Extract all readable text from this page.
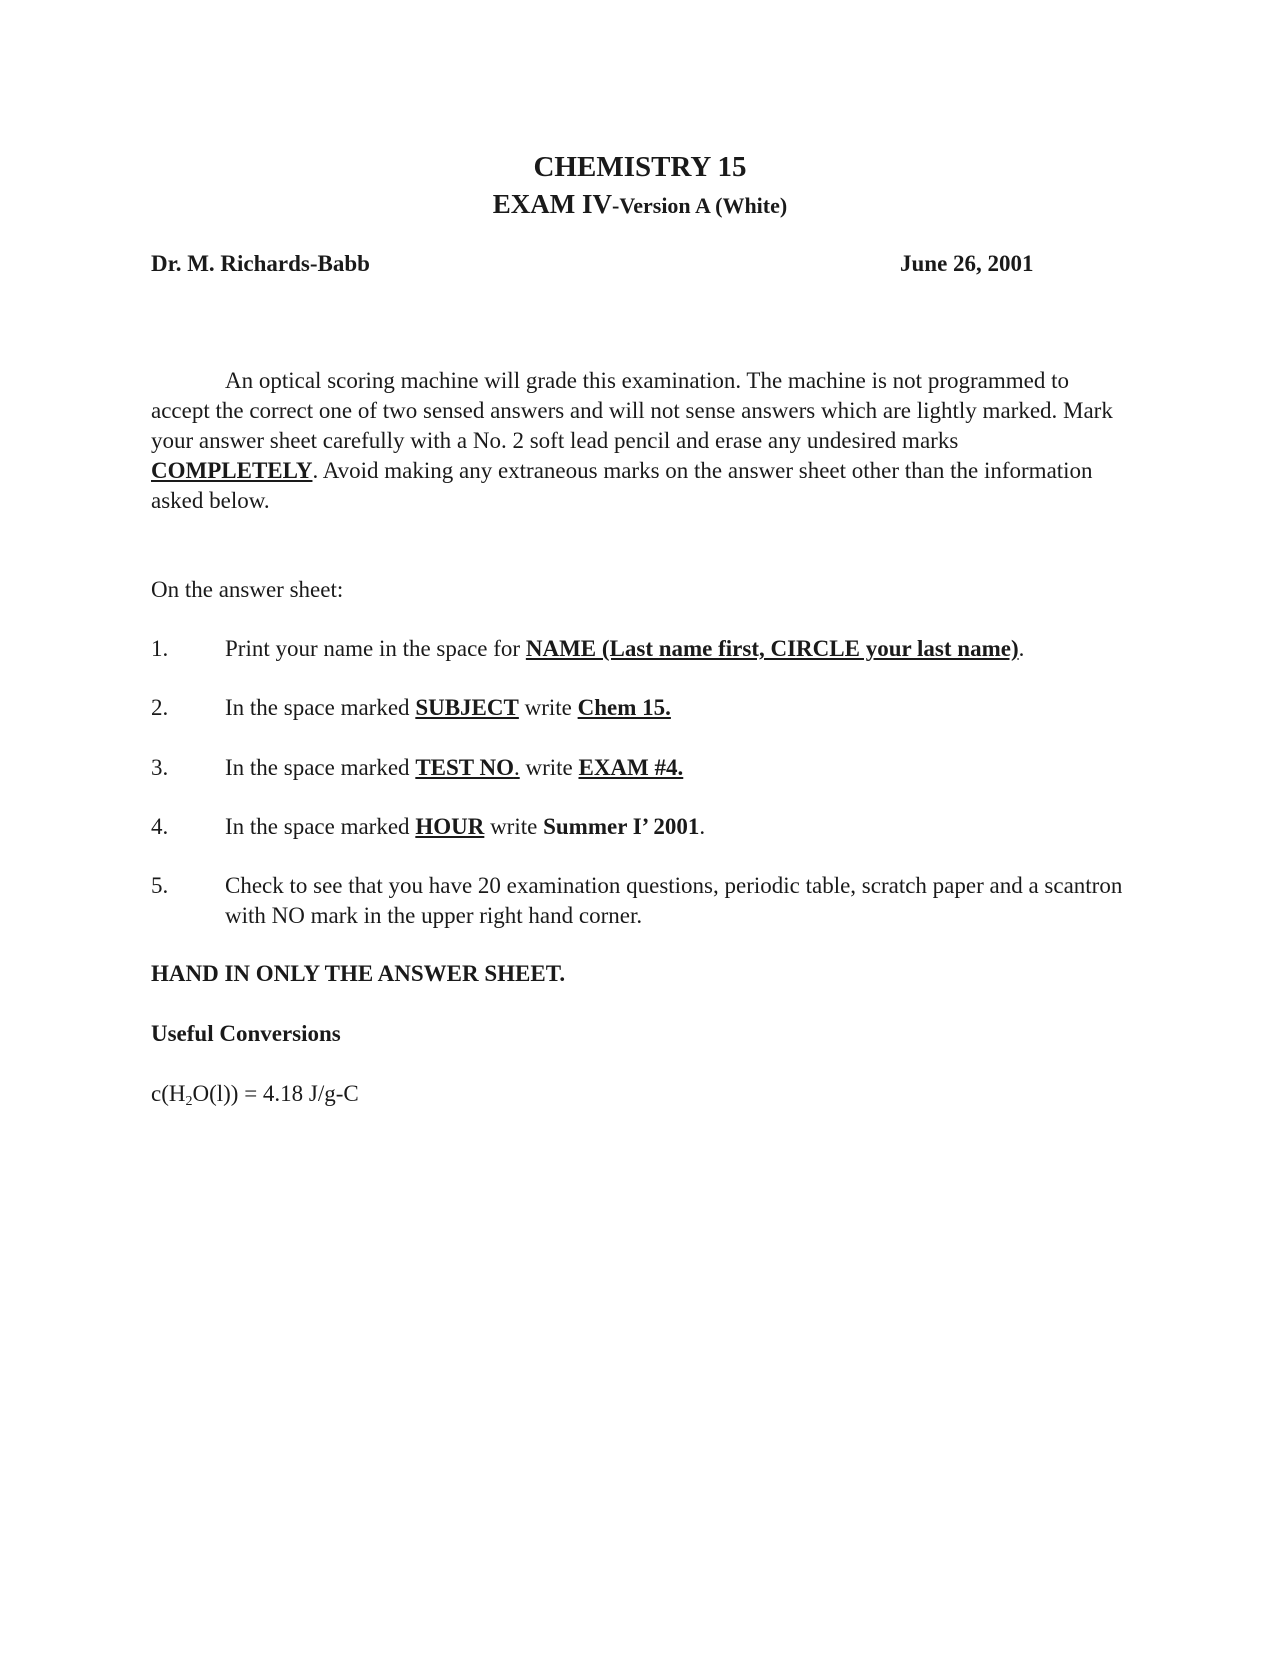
CHEMISTRY 15
EXAM IV-Version A (White)
Dr. M. Richards-Babb	June 26, 2001

An optical scoring machine will grade this examination. The machine is not programmed to accept the correct one of two sensed answers and will not sense answers which are lightly marked. Mark your answer sheet carefully with a No. 2 soft lead pencil and erase any undesired marks COMPLETELY. Avoid making any extraneous marks on the answer sheet other than the information asked below.

On the answer sheet:
1. Print your name in the space for NAME (Last name first, CIRCLE your last name).
2. In the space marked SUBJECT write Chem 15.
3. In the space marked TEST NO. write EXAM #4.
4. In the space marked HOUR write Summer I’ 2001.
5. Check to see that you have 20 examination questions, periodic table, scratch paper and a scantron with NO mark in the upper right hand corner.
HAND IN ONLY THE ANSWER SHEET.
Useful Conversions
$c(H_2O(l)) = 4.18$ J/g-C
